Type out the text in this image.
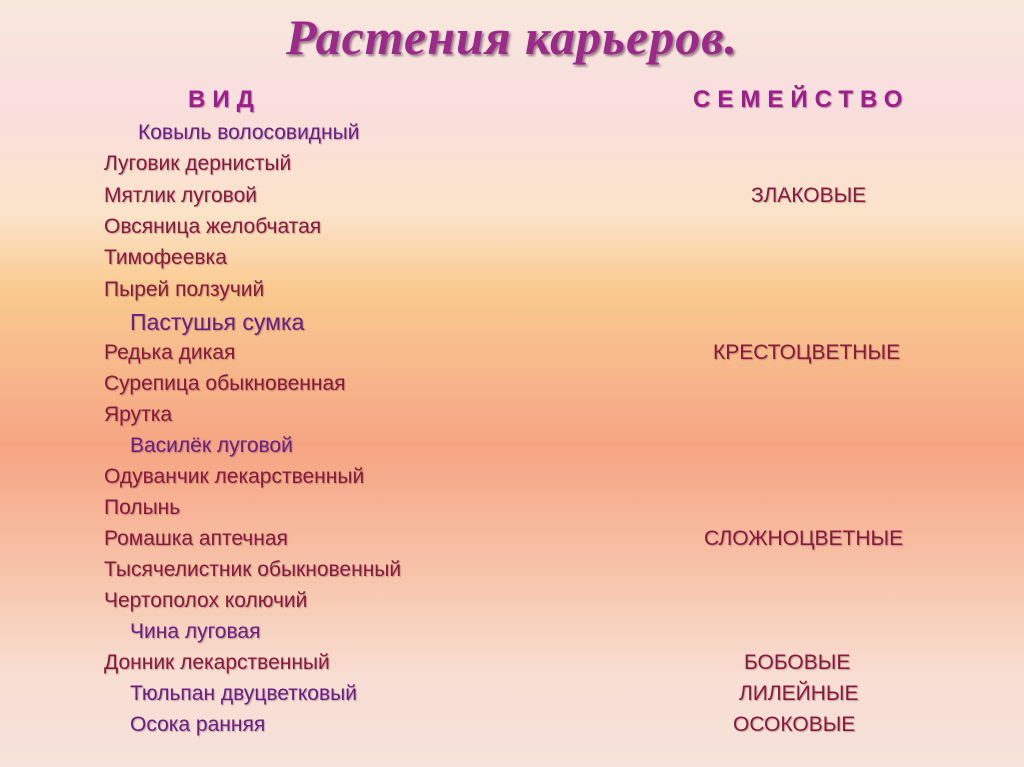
Растения карьеров.
ВИД	СЕМЕЙСТВО
Ковыль волосовидный
Луговик дернистый
Мятлик луговой
Овсяница желобчатая
Тимофеевка
Пырей ползучий
Пастушья сумка
Редька дикая
Сурепица обыкновенная
Ярутка
Василёк луговой
Одуванчик лекарственный
Полынь
Ромашка аптечная
Тысячелистник обыкновенный
Чертополох колючий
Чина луговая
Донник лекарственный
Тюльпан двуцветковый
Осока ранняя
ЗЛАКОВЫЕ
КРЕСТОЦВЕТНЫЕ
СЛОЖНОЦВЕТНЫЕ
БОБОВЫЕ
ЛИЛЕЙНЫЕ
ОСОКОВЫЕ
